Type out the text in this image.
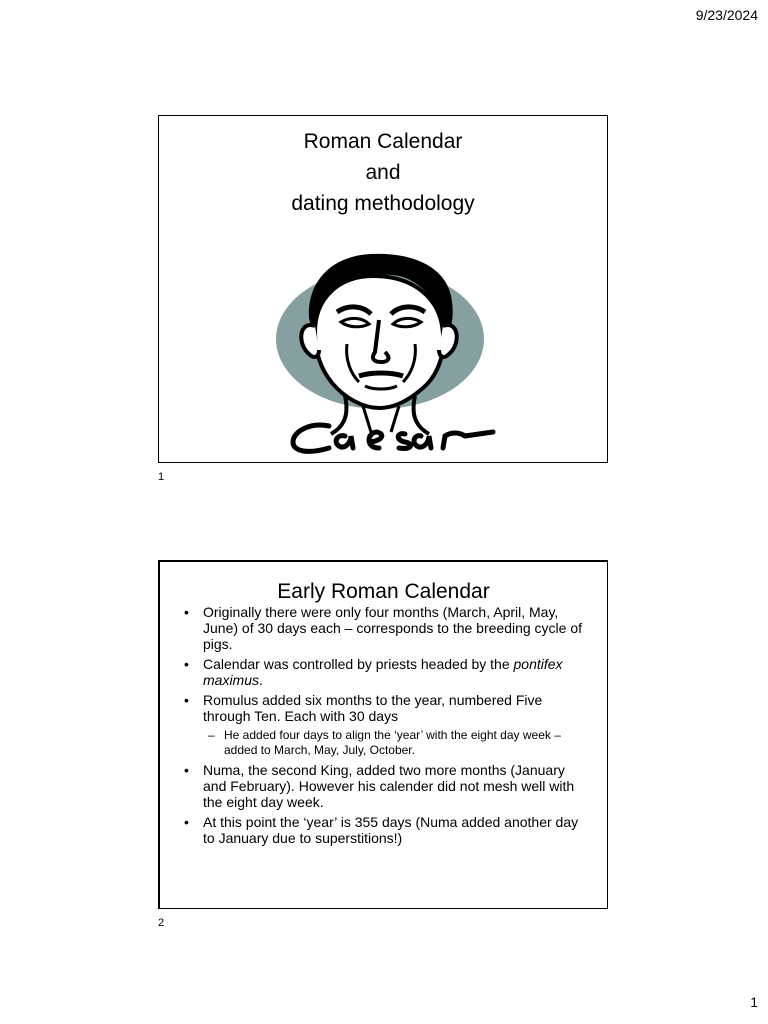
9/23/2024
Roman Calendar
and
dating methodology
1
Early Roman Calendar
• Originally there were only four months (March, April, May, June) of 30 days each – corresponds to the breeding cycle of pigs.
• Calendar was controlled by priests headed by the pontifex maximus.
• Romulus added six months to the year, numbered Five through Ten. Each with 30 days
– He added four days to align the ‘year’ with the eight day week – added to March, May, July, October.
• Numa, the second King, added two more months (January and February). However his calender did not mesh well with the eight day week.
• At this point the ‘year’ is 355 days (Numa added another day to January due to superstitions!)
2
1
